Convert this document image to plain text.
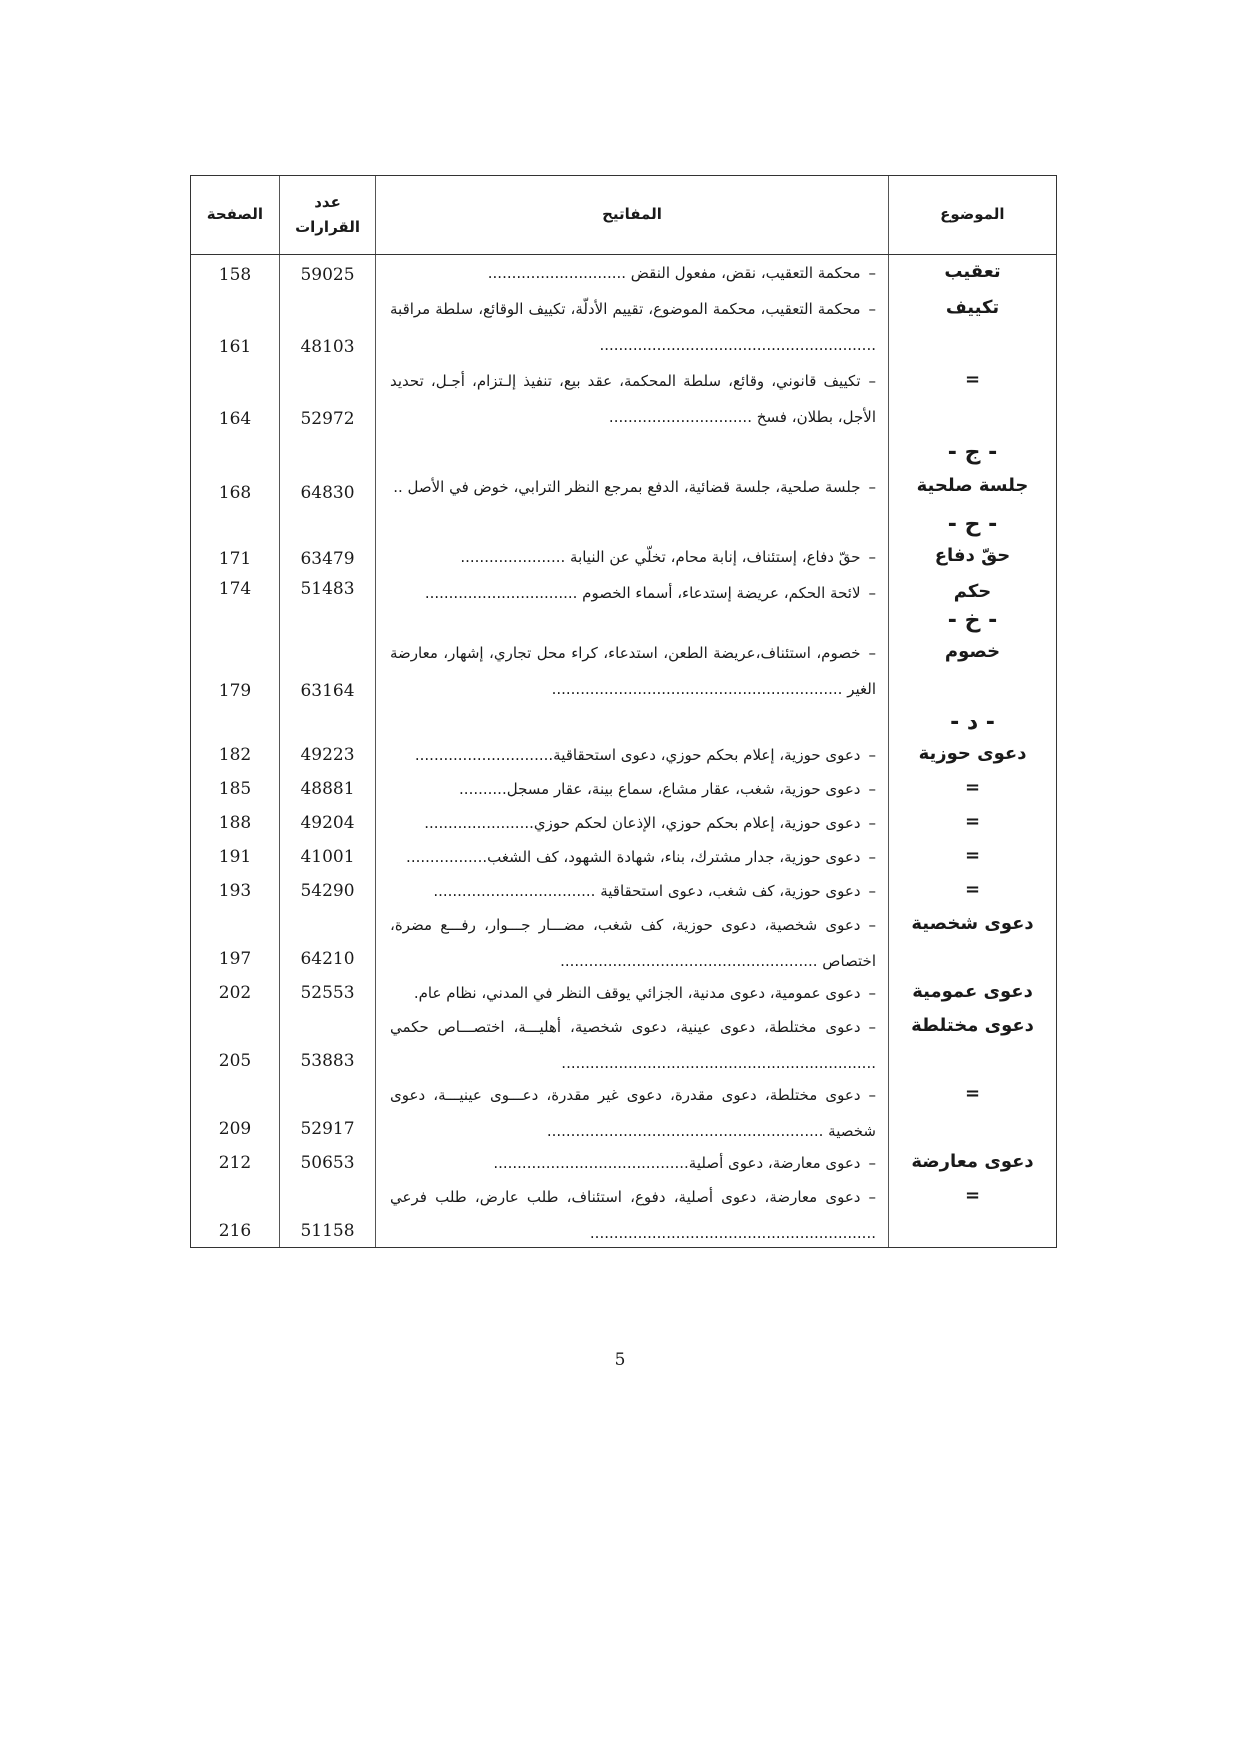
الموضوع
المفاتيح
عدد
القرارات
الصفحة
تعقيب
–محكمة التعقيب، نقض، مفعول النقض .............................
59025
158
تكييف
–محكمة التعقيب، محكمة الموضوع، تقييم الأدلّة، تكييف الوقائع، سلطة مراقبة ..........................................................
48103
161
=
–تكييف قانوني، وقائع، سلطة المحكمة، عقد بيع، تنفيذ إلـتزام، أجـل، تحديد الأجل، بطلان، فسخ ..............................
52972
164
- ج -
جلسة صلحية
–جلسة صلحية، جلسة قضائية، الدفع بمرجع النظر الترابي، خوض في الأصل ..
64830
168
- ح -
حقّ دفاع
–حقّ دفاع، إستئناف، إنابة محام، تخلّي عن النيابة ......................
63479
171
حكم
–لائحة الحكم، عريضة إستدعاء، أسماء الخصوم ................................
51483
174
- خ -
خصوم
–خصوم، استئناف،عريضة الطعن، استدعاء، كراء محل تجاري، إشهار، معارضة الغير .............................................................
63164
179
- د -
دعوى حوزية
–دعوى حوزية، إعلام بحكم حوزي، دعوى استحقاقية.............................
49223
182
=
–دعوى حوزية، شغب، عقار مشاع، سماع بينة، عقار مسجل..........
48881
185
=
–دعوى حوزية، إعلام بحكم حوزي، الإذعان لحكم حوزي.......................
49204
188
=
–دعوى حوزية، جدار مشترك، بناء، شهادة الشهود، كف الشغب.................
41001
191
=
–دعوى حوزية، كف شغب، دعوى استحقاقية ..................................
54290
193
دعوى شخصية
–دعوى شخصية، دعوى حوزية، كف شغب، مضـــار جـــوار، رفـــع مضرة، اختصاص ......................................................
64210
197
دعوى عمومية
–دعوى عمومية، دعوى مدنية، الجزائي يوقف النظر في المدني، نظام عام.
52553
202
دعوى مختلطة
–دعوى مختلطة، دعوى عينية، دعوى شخصية، أهليـــة، اختصـــاص حكمي ..................................................................
53883
205
=
–دعوى مختلطة، دعوى مقدرة، دعوى غير مقدرة، دعـــوى عينيـــة، دعوى شخصية ..........................................................
52917
209
دعوى معارضة
–دعوى معارضة، دعوى أصلية.........................................
50653
212
=
–دعوى معارضة، دعوى أصلية، دفوع، استئناف، طلب عارض، طلب فرعي ............................................................
51158
216
5
